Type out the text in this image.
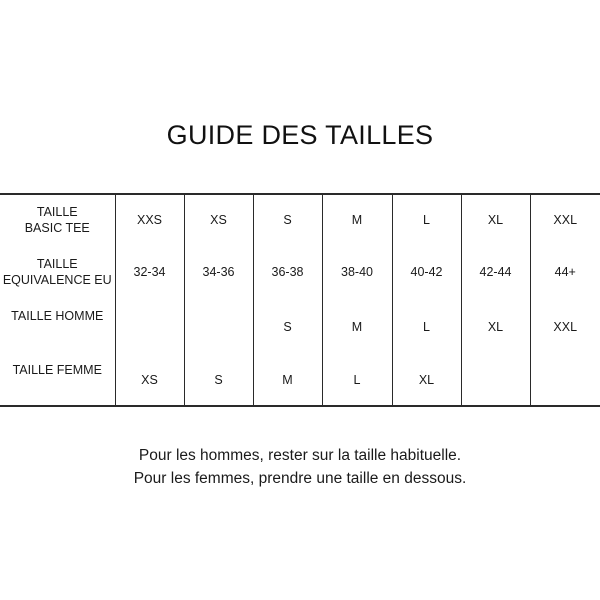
GUIDE DES TAILLES
TAILLE
BASIC TEE	XXS	XS	S	M	L	XL	XXL

TAILLE
EQUIVALENCE EU	32-34	34-36	36-38	38-40	40-42	42-44	44+

TAILLE HOMME			S	M	L	XL	XXL

TAILLE FEMME	XS	S	M	L	XL		

Pour les hommes, rester sur la taille habituelle.

Pour les femmes, prendre une taille en dessous.
